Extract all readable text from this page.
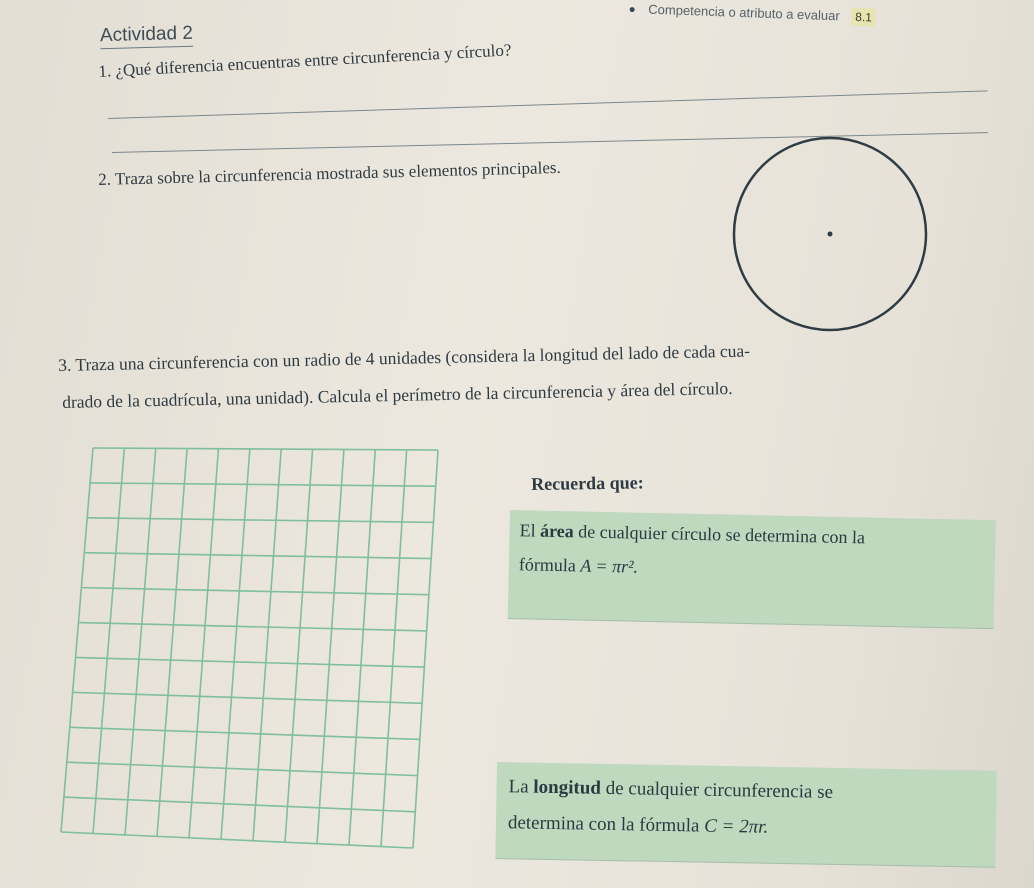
Competencia o atributo a evaluar 8.1
Actividad 2
1. ¿Qué diferencia encuentras entre circunferencia y círculo?
2. Traza sobre la circunferencia mostrada sus elementos principales.
3. Traza una circunferencia con un radio de 4 unidades (considera la longitud del lado de cada cua-
drado de la cuadrícula, una unidad). Calcula el perímetro de la circunferencia y área del círculo.
Recuerda que:
El área de cualquier círculo se determina con la
fórmula A = πr².
La longitud de cualquier circunferencia se
determina con la fórmula C = 2πr.
